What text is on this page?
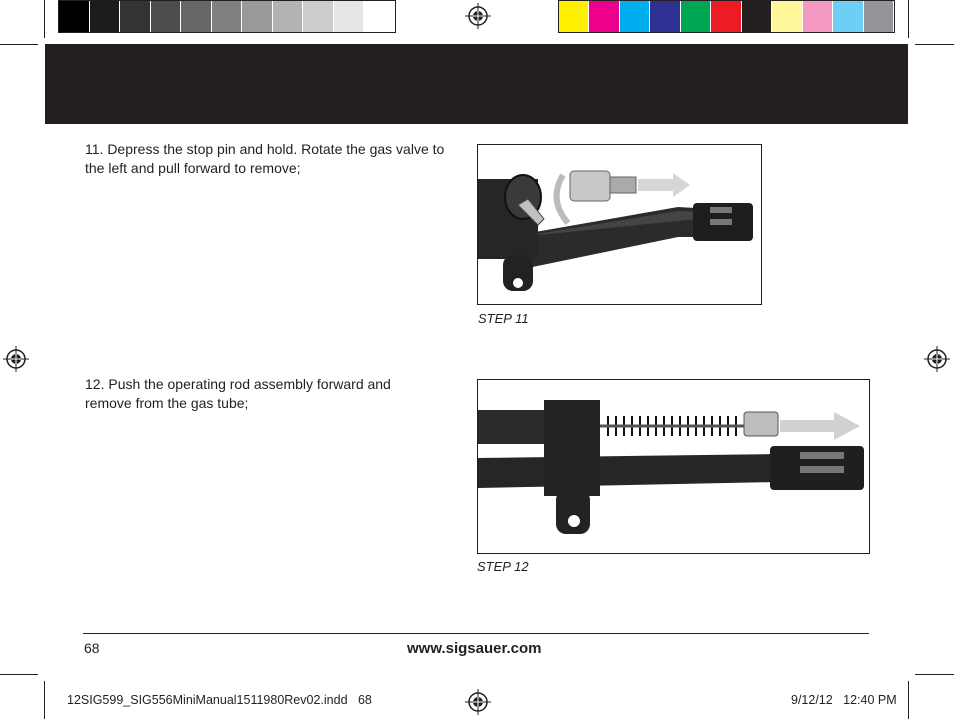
11. Depress the stop pin and hold. Rotate the gas valve to the left and pull forward to remove;
STEP 11
12. Push the operating rod assembly forward and remove from the gas tube;
STEP 12
68	www.sigsauer.com
12SIG599_SIG556MiniManual1511980Rev02.indd   68	9/12/12   12:40 PM
